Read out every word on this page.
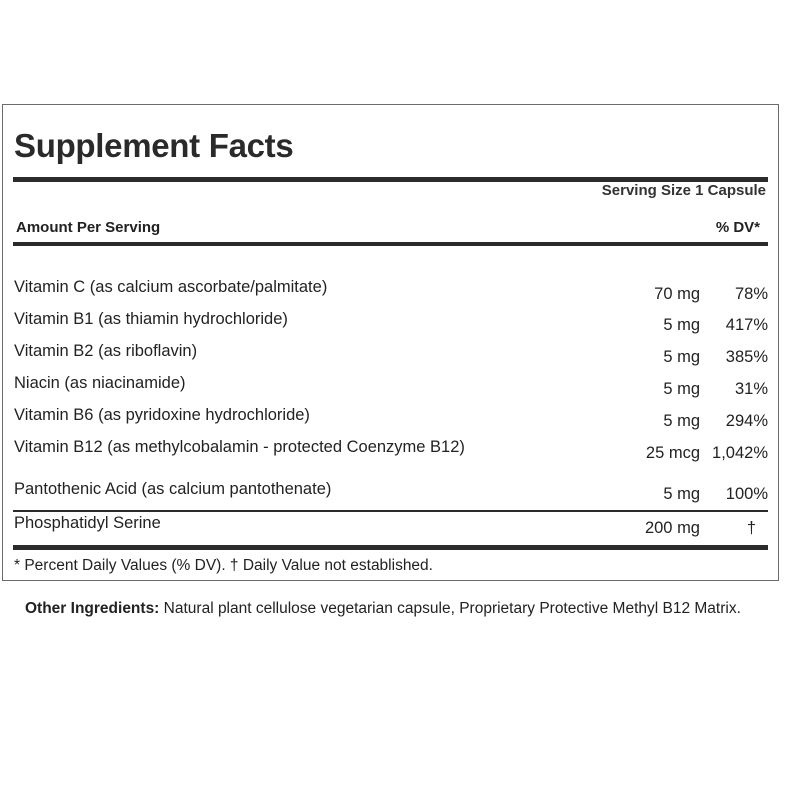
Supplement Facts
Serving Size 1 Capsule
Amount Per Serving	% DV*
Vitamin C (as calcium ascorbate/palmitate)	70 mg	78%
Vitamin B1 (as thiamin hydrochloride)	5 mg	417%
Vitamin B2 (as riboflavin)	5 mg	385%
Niacin (as niacinamide)	5 mg	31%
Vitamin B6 (as pyridoxine hydrochloride)	5 mg	294%
Vitamin B12 (as methylcobalamin - protected Coenzyme B12)	25 mcg 1,042%
Pantothenic Acid (as calcium pantothenate)	5 mg	100%
Phosphatidyl Serine	200 mg	†
* Percent Daily Values (% DV). † Daily Value not established.
Other Ingredients: Natural plant cellulose vegetarian capsule, Proprietary Protective Methyl B12 Matrix.
